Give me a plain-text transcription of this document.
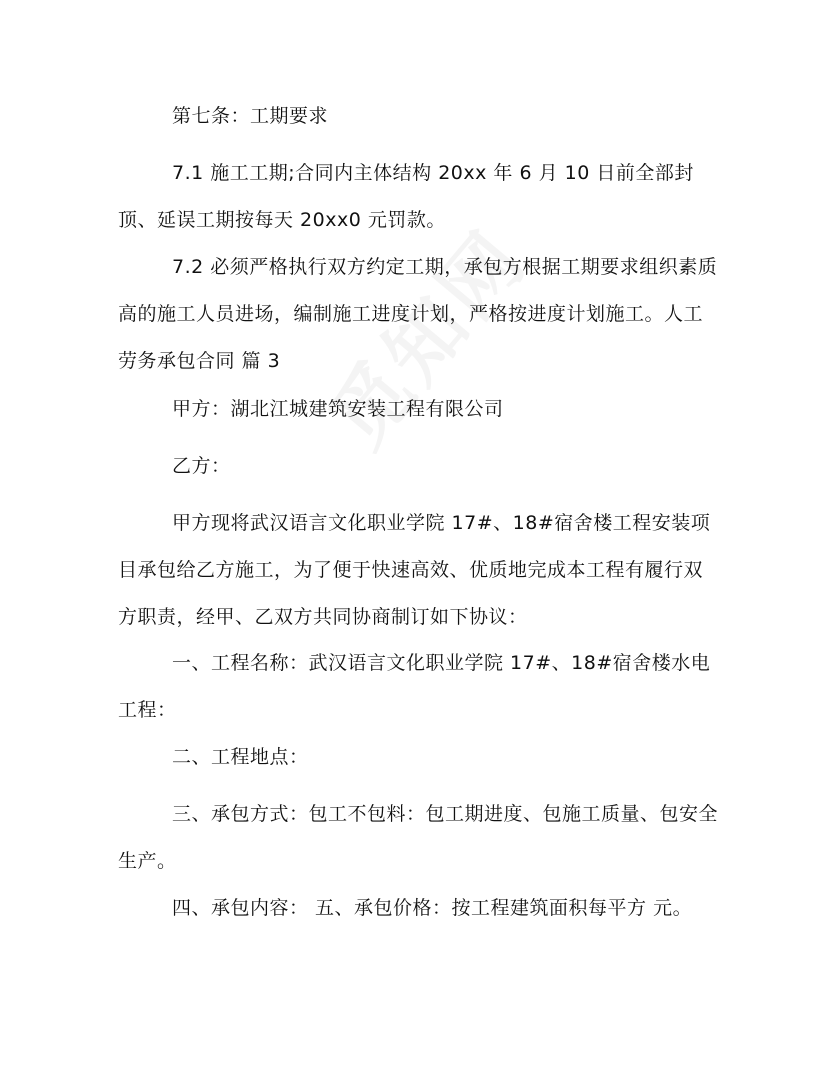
第七条：工期要求

7.1 施工工期;合同内主体结构 20xx 年 6 月 10 日前全部封顶、延误工期按每天 20xx0 元罚款。

7.2 必须严格执行双方约定工期，承包方根据工期要求组织素质高的施工人员进场，编制施工进度计划，严格按进度计划施工。人工劳务承包合同 篇 3

甲方：湖北江城建筑安装工程有限公司

乙方：

甲方现将武汉语言文化职业学院 17#、18#宿舍楼工程安装项目承包给乙方施工，为了便于快速高效、优质地完成本工程有履行双方职责，经甲、乙双方共同协商制订如下协议：

一、工程名称：武汉语言文化职业学院 17#、18#宿舍楼水电工程：

二、工程地点：

三、承包方式：包工不包料：包工期进度、包施工质量、包安全生产。

四、承包内容： 五、承包价格：按工程建筑面积每平方 元。
